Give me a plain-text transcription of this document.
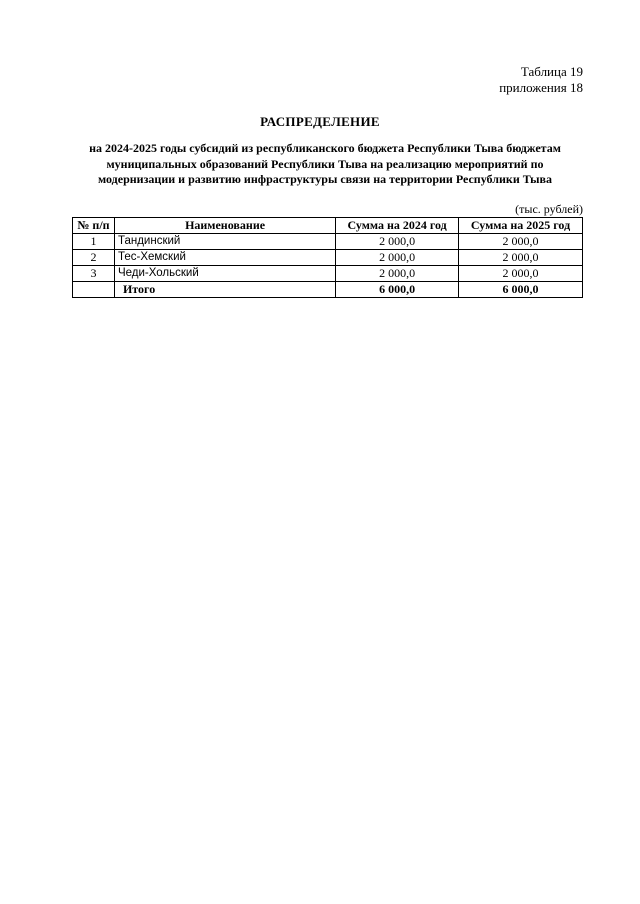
Таблица 19
приложения 18
РАСПРЕДЕЛЕНИЕ
на 2024-2025 годы субсидий из республиканского бюджета Республики Тыва бюджетам
муниципальных образований Республики Тыва на реализацию мероприятий по
модернизации и развитию инфраструктуры связи на территории Республики Тыва
(тыс. рублей)
№ п/п	Наименование	Сумма на 2024 год	Сумма на 2025 год
1	Тандинский	2 000,0	2 000,0
2	Тес-Хемский	2 000,0	2 000,0
3	Чеди-Хольский	2 000,0	2 000,0
	Итого	6 000,0	6 000,0
